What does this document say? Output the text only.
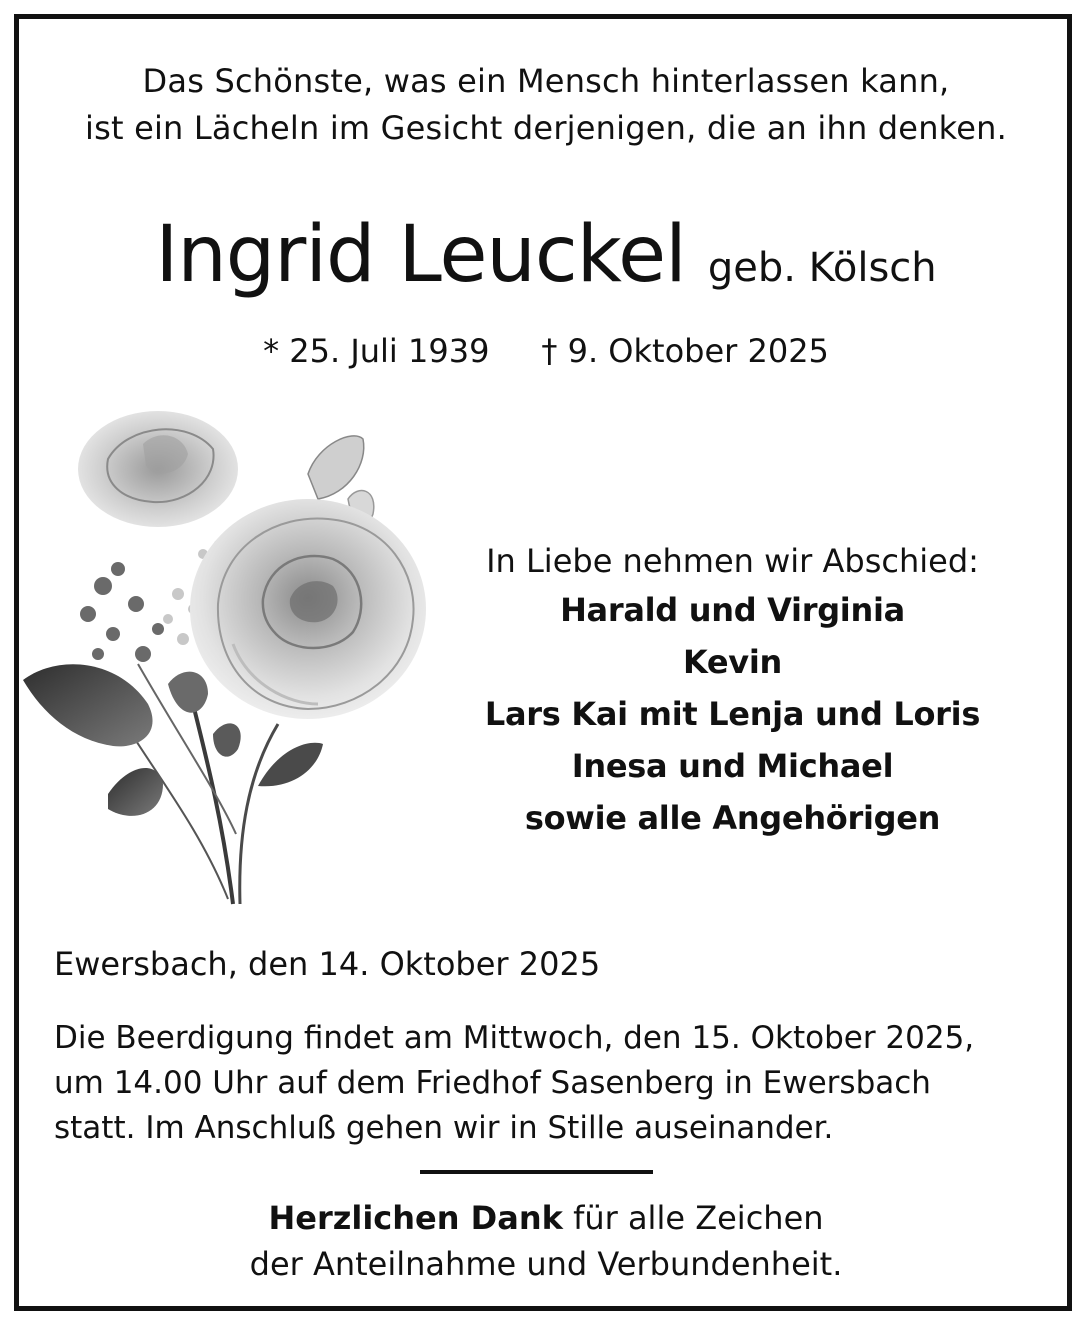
Das Schönste, was ein Mensch hinterlassen kann,
ist ein Lächeln im Gesicht derjenigen, die an ihn denken.
Ingrid Leuckel geb. Kölsch
* 25. Juli 1939 † 9. Oktober 2025
In Liebe nehmen wir Abschied:
Harald und Virginia
Kevin
Lars Kai mit Lenja und Loris
Inesa und Michael
sowie alle Angehörigen
Ewersbach, den 14. Oktober 2025
Die Beerdigung findet am Mittwoch, den 15. Oktober 2025,
um 14.00 Uhr auf dem Friedhof Sasenberg in Ewersbach
statt. Im Anschluß gehen wir in Stille auseinander.
Herzlichen Dank für alle Zeichen
der Anteilnahme und Verbundenheit.
